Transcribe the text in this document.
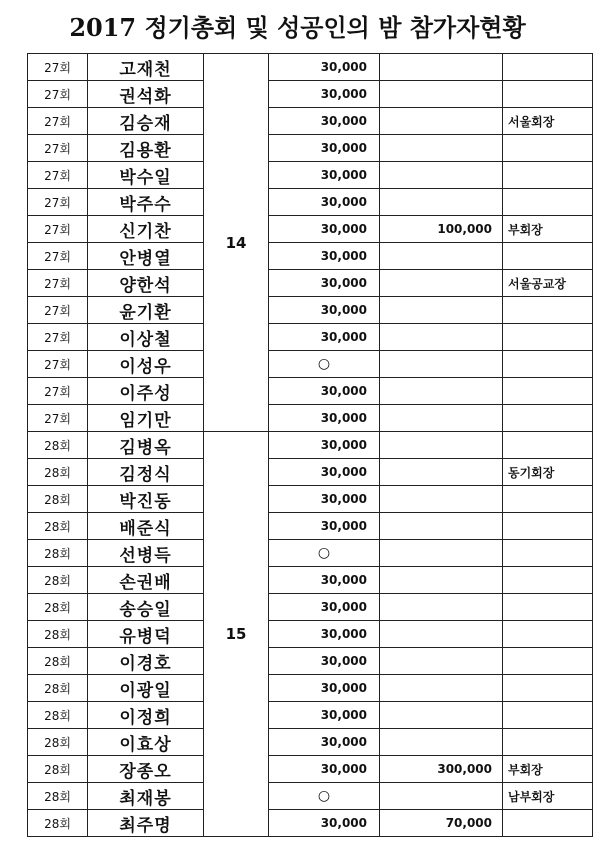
2017 정기총회 및 성공인의 밤 참가자현황
27회	고재천	14	30,000		
27회	권석화		30,000		
27회	김승재		30,000		서울회장
27회	김용환		30,000		
27회	박수일		30,000		
27회	박주수		30,000		
27회	신기찬		30,000	100,000	부회장
27회	안병열		30,000		
27회	양한석		30,000		서울공교장
27회	윤기환		30,000		
27회	이상철		30,000		
27회	이성우		○		
27회	이주성		30,000		
27회	임기만		30,000		
28회	김병옥	15	30,000		
28회	김정식		30,000		동기회장
28회	박진동		30,000		
28회	배준식		30,000		
28회	선병득		○		
28회	손권배		30,000		
28회	송승일		30,000		
28회	유병덕		30,000		
28회	이경호		30,000		
28회	이광일		30,000		
28회	이정희		30,000		
28회	이효상		30,000		
28회	장종오		30,000	300,000	부회장
28회	최재봉		○		남부회장
28회	최주명		30,000	70,000	
